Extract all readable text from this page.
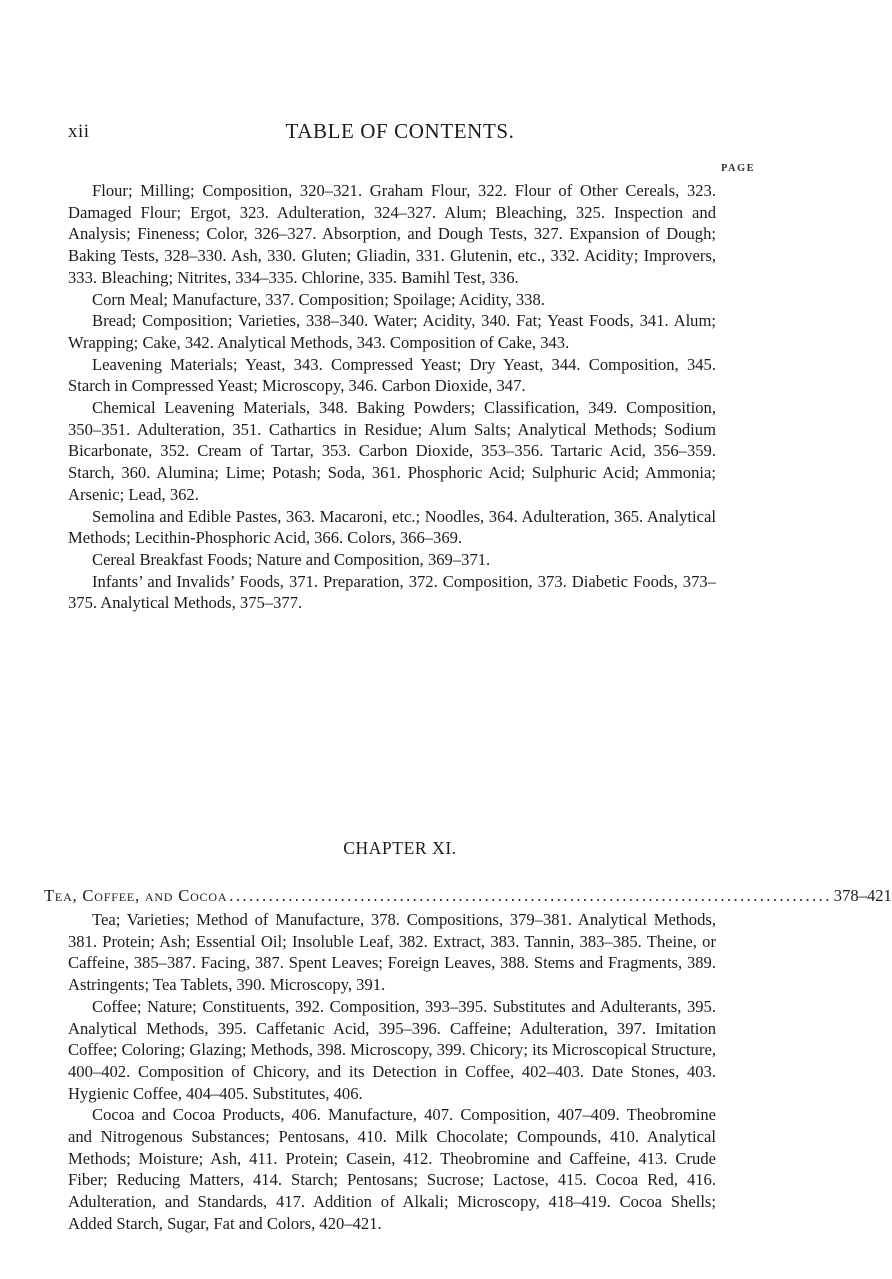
xii	TABLE OF CONTENTS.
PAGE

Flour; Milling; Composition, 320–321. Graham Flour, 322. Flour of Other Cereals, 323. Damaged Flour; Ergot, 323. Adulteration, 324–327. Alum; Bleaching, 325. Inspection and Analysis; Fineness; Color, 326–327. Absorption, and Dough Tests, 327. Expansion of Dough; Baking Tests, 328–330. Ash, 330. Gluten; Gliadin, 331. Glutenin, etc., 332. Acidity; Improvers, 333. Bleaching; Nitrites, 334–335. Chlorine, 335. Bamihl Test, 336.

Corn Meal; Manufacture, 337. Composition; Spoilage; Acidity, 338.

Bread; Composition; Varieties, 338–340. Water; Acidity, 340. Fat; Yeast Foods, 341. Alum; Wrapping; Cake, 342. Analytical Methods, 343. Composition of Cake, 343.

Leavening Materials; Yeast, 343. Compressed Yeast; Dry Yeast, 344. Composition, 345. Starch in Compressed Yeast; Microscopy, 346. Carbon Dioxide, 347.

Chemical Leavening Materials, 348. Baking Powders; Classification, 349. Composition, 350–351. Adulteration, 351. Cathartics in Residue; Alum Salts; Analytical Methods; Sodium Bicarbonate, 352. Cream of Tartar, 353. Carbon Dioxide, 353–356. Tartaric Acid, 356–359. Starch, 360. Alumina; Lime; Potash; Soda, 361. Phosphoric Acid; Sulphuric Acid; Ammonia; Arsenic; Lead, 362.

Semolina and Edible Pastes, 363. Macaroni, etc.; Noodles, 364. Adulteration, 365. Analytical Methods; Lecithin-Phosphoric Acid, 366. Colors, 366–369.

Cereal Breakfast Foods; Nature and Composition, 369–371.

Infants’ and Invalids’ Foods, 371. Preparation, 372. Composition, 373. Diabetic Foods, 373–375. Analytical Methods, 375–377.

CHAPTER XI.
Tea, Coffee, and Cocoa ............................................................................................ 378–421

Tea; Varieties; Method of Manufacture, 378. Compositions, 379–381. Analytical Methods, 381. Protein; Ash; Essential Oil; Insoluble Leaf, 382. Extract, 383. Tannin, 383–385. Theine, or Caffeine, 385–387. Facing, 387. Spent Leaves; Foreign Leaves, 388. Stems and Fragments, 389. Astringents; Tea Tablets, 390. Microscopy, 391.

Coffee; Nature; Constituents, 392. Composition, 393–395. Substitutes and Adulterants, 395. Analytical Methods, 395. Caffetanic Acid, 395–396. Caffeine; Adulteration, 397. Imitation Coffee; Coloring; Glazing; Methods, 398. Microscopy, 399. Chicory; its Microscopical Structure, 400–402. Composition of Chicory, and its Detection in Coffee, 402–403. Date Stones, 403. Hygienic Coffee, 404–405. Substitutes, 406.

Cocoa and Cocoa Products, 406. Manufacture, 407. Composition, 407–409. Theobromine and Nitrogenous Substances; Pentosans, 410. Milk Chocolate; Compounds, 410. Analytical Methods; Moisture; Ash, 411. Protein; Casein, 412. Theobromine and Caffeine, 413. Crude Fiber; Reducing Matters, 414. Starch; Pentosans; Sucrose; Lactose, 415. Cocoa Red, 416. Adulteration, and Standards, 417. Addition of Alkali; Microscopy, 418–419. Cocoa Shells; Added Starch, Sugar, Fat and Colors, 420–421.
